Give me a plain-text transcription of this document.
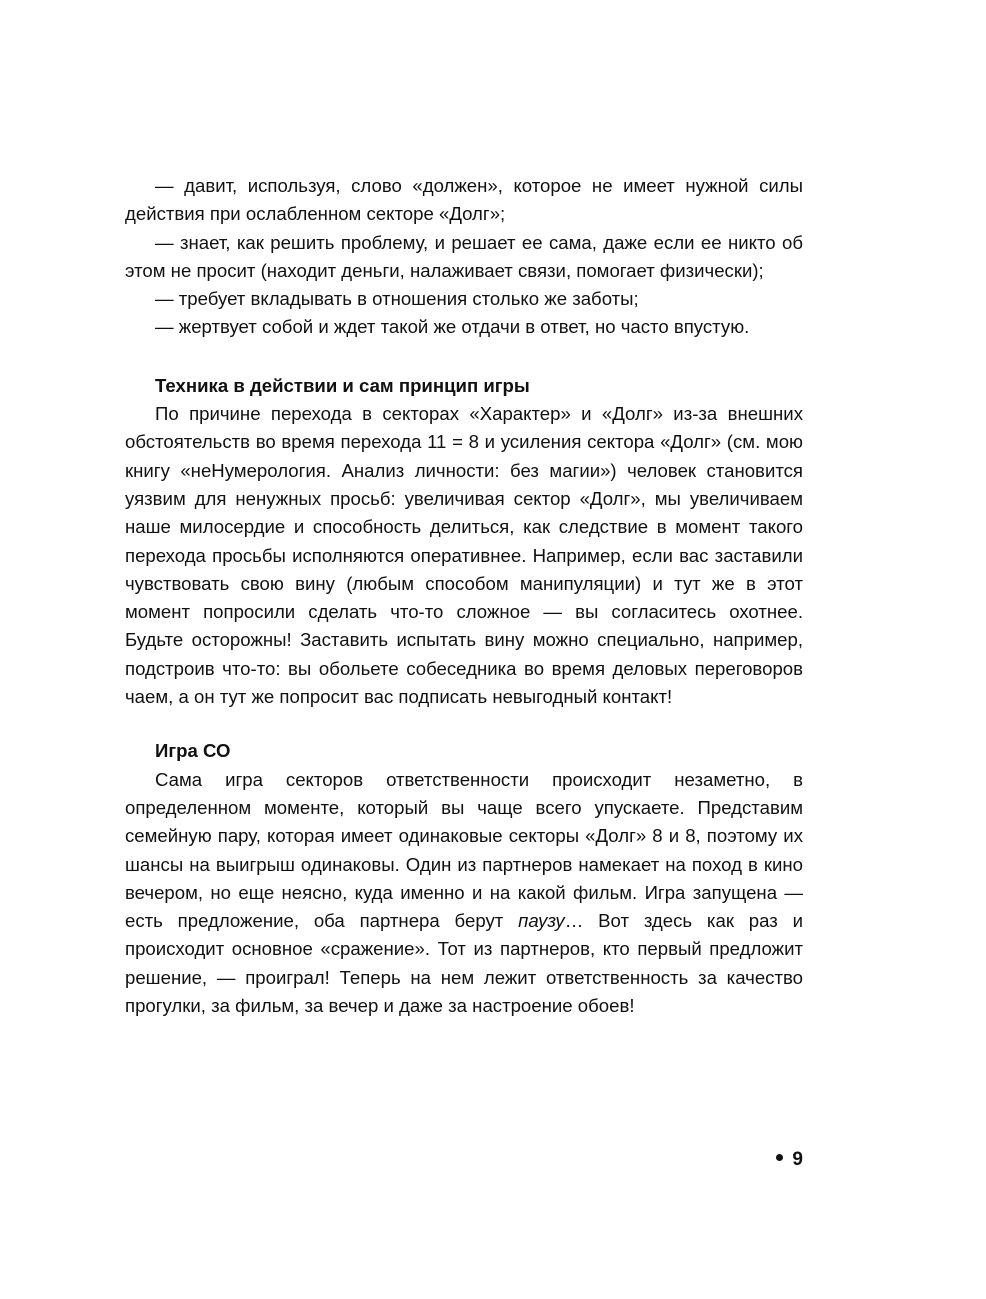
— давит, используя, слово «должен», которое не имеет нужной силы действия при ослабленном секторе «Долг»;

— знает, как решить проблему, и решает ее сама, даже если ее никто об этом не просит (находит деньги, налаживает связи, помогает физически);

— требует вкладывать в отношения столько же заботы;

— жертвует собой и ждет такой же отдачи в ответ, но часто впустую.

Техника в действии и сам принцип игры

По причине перехода в секторах «Характер» и «Долг» из-за внешних обстоятельств во время перехода 11 = 8 и усиления сектора «Долг» (см. мою книгу «неНумерология. Анализ личности: без магии») человек становится уязвим для ненужных просьб: увеличивая сектор «Долг», мы увеличиваем наше милосердие и способность делиться, как следствие в момент такого перехода просьбы исполняются оперативнее. Например, если вас заставили чувствовать свою вину (любым способом манипуляции) и тут же в этот момент попросили сделать что-то сложное — вы согласитесь охотнее. Будьте осторожны! Заставить испытать вину можно специально, например, подстроив что-то: вы обольете собеседника во время деловых переговоров чаем, а он тут же попросит вас подписать невыгодный контакт!

Игра СО

Сама игра секторов ответственности происходит незаметно, в определенном моменте, который вы чаще всего упускаете. Представим семейную пару, которая имеет одинаковые секторы «Долг» 8 и 8, поэтому их шансы на выигрыш одинаковы. Один из партнеров намекает на поход в кино вечером, но еще неясно, куда именно и на какой фильм. Игра запущена — есть предложение, оба партнера берут паузу… Вот здесь как раз и происходит основное «сражение». Тот из партнеров, кто первый предложит решение, — проиграл! Теперь на нем лежит ответственность за качество прогулки, за фильм, за вечер и даже за настроение обоев!

9
